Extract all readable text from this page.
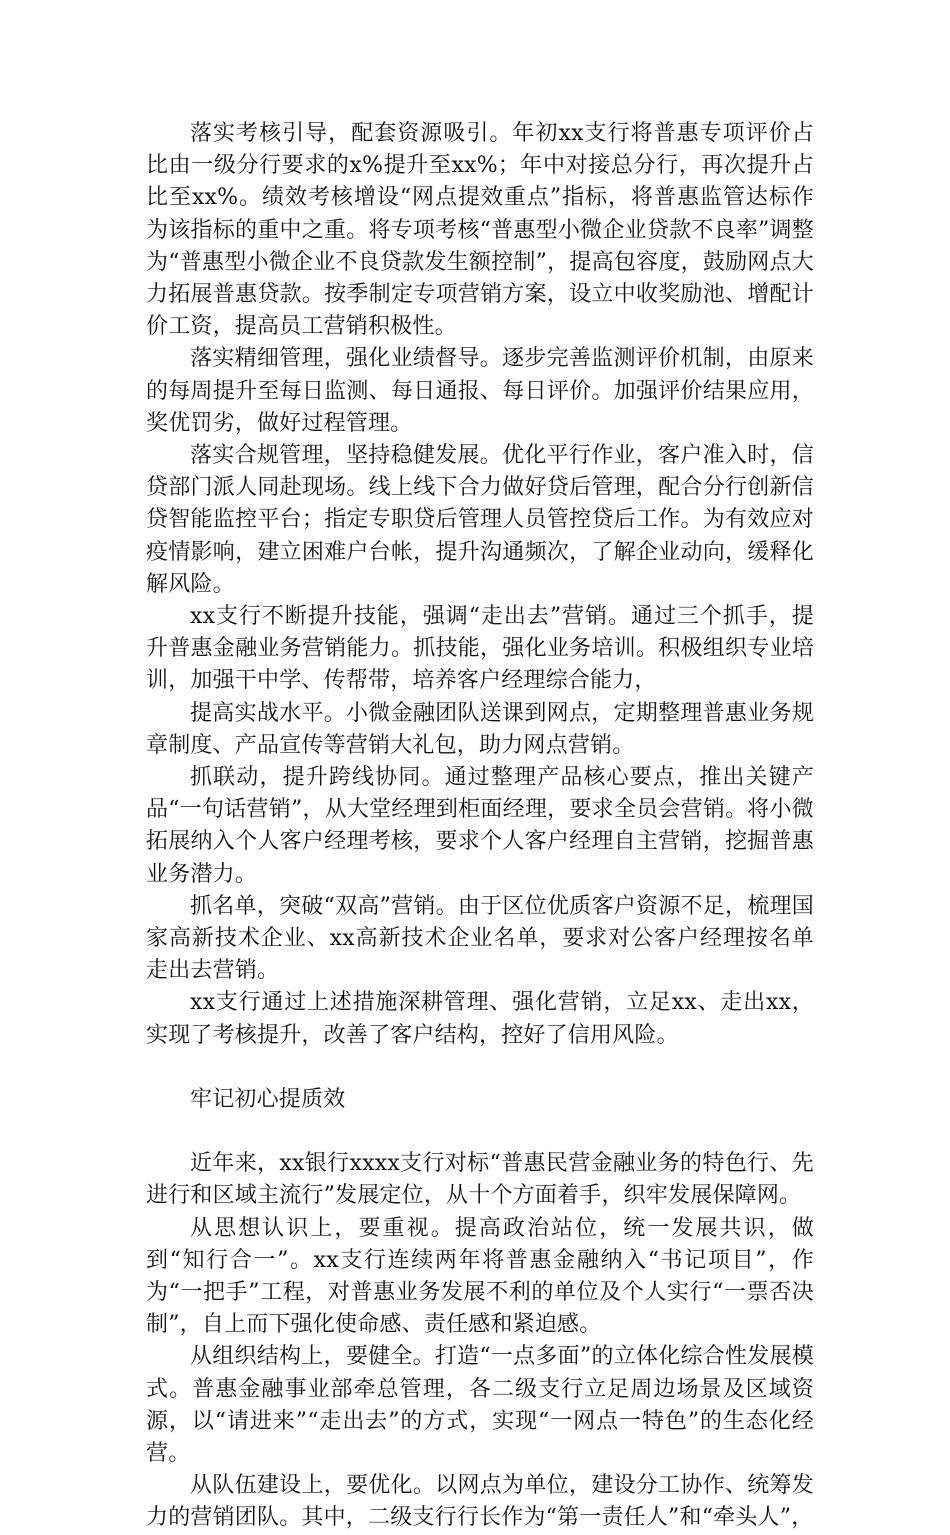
落实考核引导，配套资源吸引。年初xx支行将普惠专项评价占比由一级分行要求的x%提升至xx%；年中对接总分行，再次提升占比至xx%。绩效考核增设“网点提效重点”指标，将普惠监管达标作为该指标的重中之重。将专项考核“普惠型小微企业贷款不良率”调整为“普惠型小微企业不良贷款发生额控制”，提高包容度，鼓励网点大力拓展普惠贷款。按季制定专项营销方案，设立中收奖励池、增配计价工资，提高员工营销积极性。

落实精细管理，强化业绩督导。逐步完善监测评价机制，由原来的每周提升至每日监测、每日通报、每日评价。加强评价结果应用，奖优罚劣，做好过程管理。

落实合规管理，坚持稳健发展。优化平行作业，客户准入时，信贷部门派人同赴现场。线上线下合力做好贷后管理，配合分行创新信贷智能监控平台；指定专职贷后管理人员管控贷后工作。为有效应对疫情影响，建立困难户台帐，提升沟通频次，了解企业动向，缓释化解风险。

xx支行不断提升技能，强调“走出去”营销。通过三个抓手，提升普惠金融业务营销能力。抓技能，强化业务培训。积极组织专业培训，加强干中学、传帮带，培养客户经理综合能力，

提高实战水平。小微金融团队送课到网点，定期整理普惠业务规章制度、产品宣传等营销大礼包，助力网点营销。

抓联动，提升跨线协同。通过整理产品核心要点，推出关键产品“一句话营销”，从大堂经理到柜面经理，要求全员会营销。将小微拓展纳入个人客户经理考核，要求个人客户经理自主营销，挖掘普惠业务潜力。

抓名单，突破“双高”营销。由于区位优质客户资源不足，梳理国家高新技术企业、xx高新技术企业名单，要求对公客户经理按名单走出去营销。

xx支行通过上述措施深耕管理、强化营销，立足xx、走出xx，实现了考核提升，改善了客户结构，控好了信用风险。

牢记初心提质效

近年来，xx银行xxxx支行对标“普惠民营金融业务的特色行、先进行和区域主流行”发展定位，从十个方面着手，织牢发展保障网。

从思想认识上，要重视。提高政治站位，统一发展共识，做到“知行合一”。xx支行连续两年将普惠金融纳入“书记项目”，作为“一把手”工程，对普惠业务发展不利的单位及个人实行“一票否决制”，自上而下强化使命感、责任感和紧迫感。

从组织结构上，要健全。打造“一点多面”的立体化综合性发展模式。普惠金融事业部牵总管理，各二级支行立足周边场景及区域资源，以“请进来”“走出去”的方式，实现“一网点一特色”的生态化经营。

从队伍建设上，要优化。以网点为单位，建设分工协作、统筹发力的营销团队。其中，二级支行行长作为“第一责任人”和“牵头人”，
